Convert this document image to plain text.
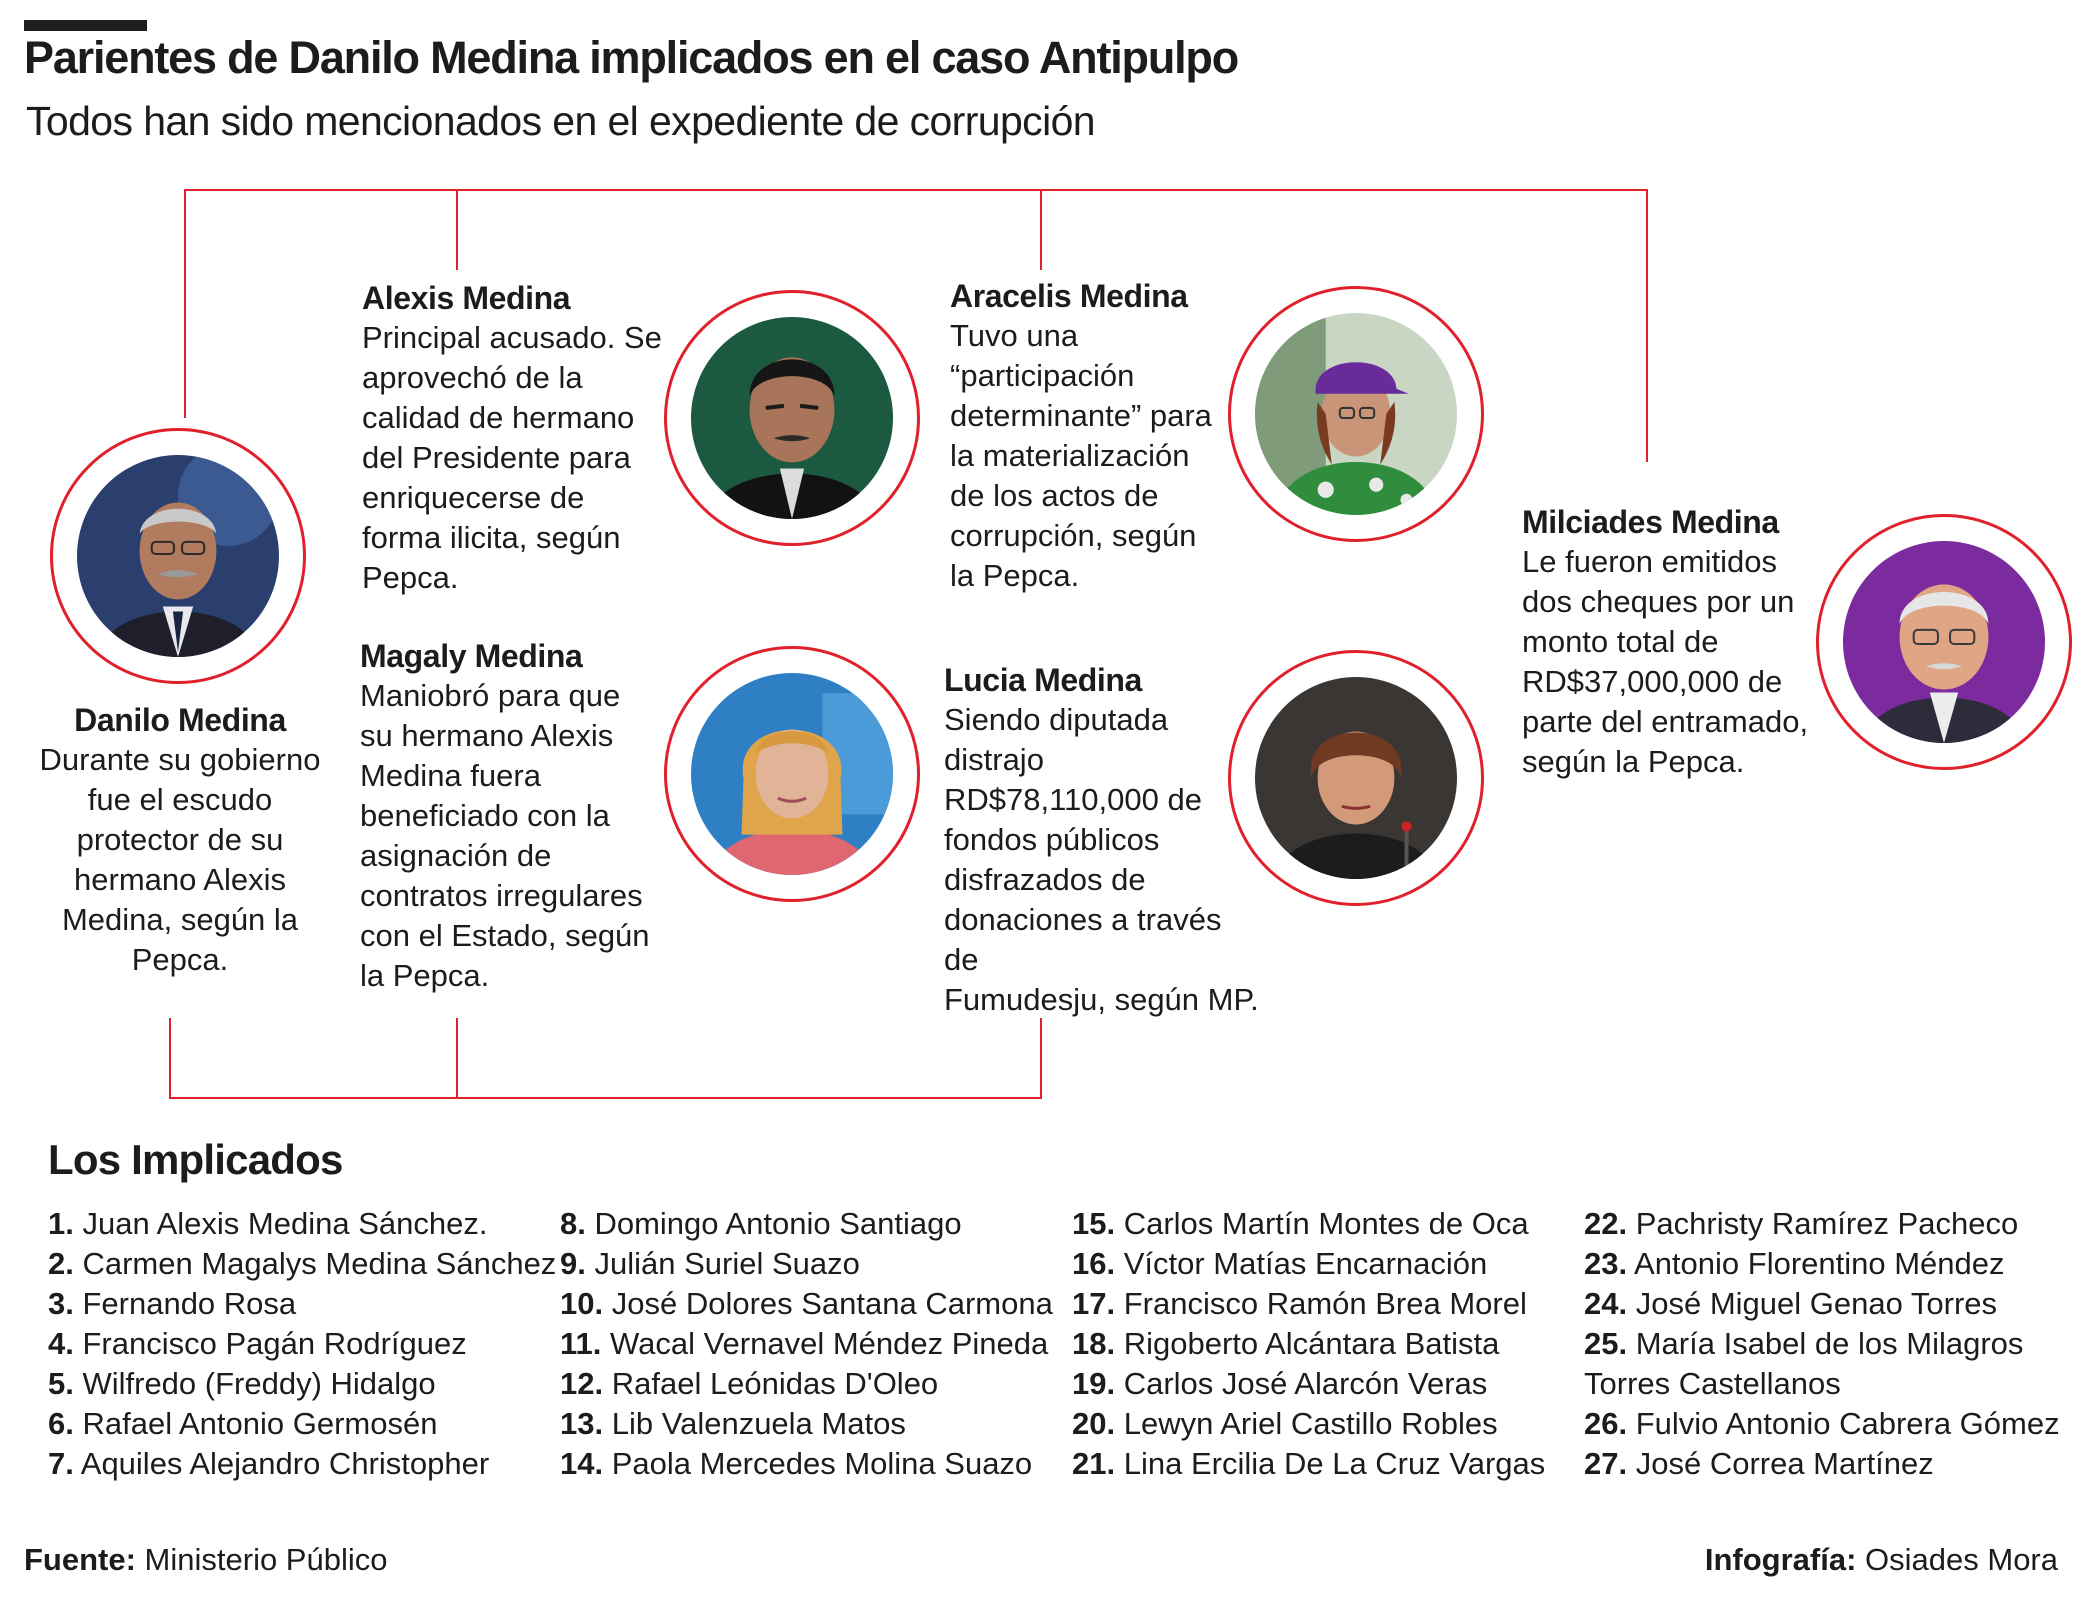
Parientes de Danilo Medina implicados en el caso Antipulpo
Todos han sido mencionados en el expediente de corrupción
Danilo Medina
Durante su gobierno
fue el escudo
protector de su
hermano Alexis
Medina, según la
Pepca.
Alexis Medina
Principal acusado. Se
aprovechó de la
calidad de hermano
del Presidente para
enriquecerse de
forma ilicita, según
Pepca.
Aracelis Medina
Tuvo una
“participación
determinante” para
la materialización
de los actos de
corrupción, según
la Pepca.
Milciades Medina
Le fueron emitidos
dos cheques por un
monto total de
RD$37,000,000 de
parte del entramado,
según la Pepca.
Magaly Medina
Maniobró para que
su hermano Alexis
Medina fuera
beneficiado con la
asignación de
contratos irregulares
con el Estado, según
la Pepca.
Lucia Medina
Siendo diputada
distrajo
RD$78,110,000 de
fondos públicos
disfrazados de
donaciones a través de
Fumudesju, según MP.
Los Implicados
1. Juan Alexis Medina Sánchez.
2. Carmen Magalys Medina Sánchez
3. Fernando Rosa
4. Francisco Pagán Rodríguez
5. Wilfredo (Freddy) Hidalgo
6. Rafael Antonio Germosén
7. Aquiles Alejandro Christopher
8. Domingo Antonio Santiago
9. Julián Suriel Suazo
10. José Dolores Santana Carmona
11. Wacal Vernavel Méndez Pineda
12. Rafael Leónidas D'Oleo
13. Lib Valenzuela Matos
14. Paola Mercedes Molina Suazo
15. Carlos Martín Montes de Oca
16. Víctor Matías Encarnación
17. Francisco Ramón Brea Morel
18. Rigoberto Alcántara Batista
19. Carlos José Alarcón Veras
20. Lewyn Ariel Castillo Robles
21. Lina Ercilia De La Cruz Vargas
22. Pachristy Ramírez Pacheco
23. Antonio Florentino Méndez
24. José Miguel Genao Torres
25. María Isabel de los Milagros
Torres Castellanos
26. Fulvio Antonio Cabrera Gómez
27. José Correa Martínez
Fuente: Ministerio Público	Infografía: Osiades Mora
